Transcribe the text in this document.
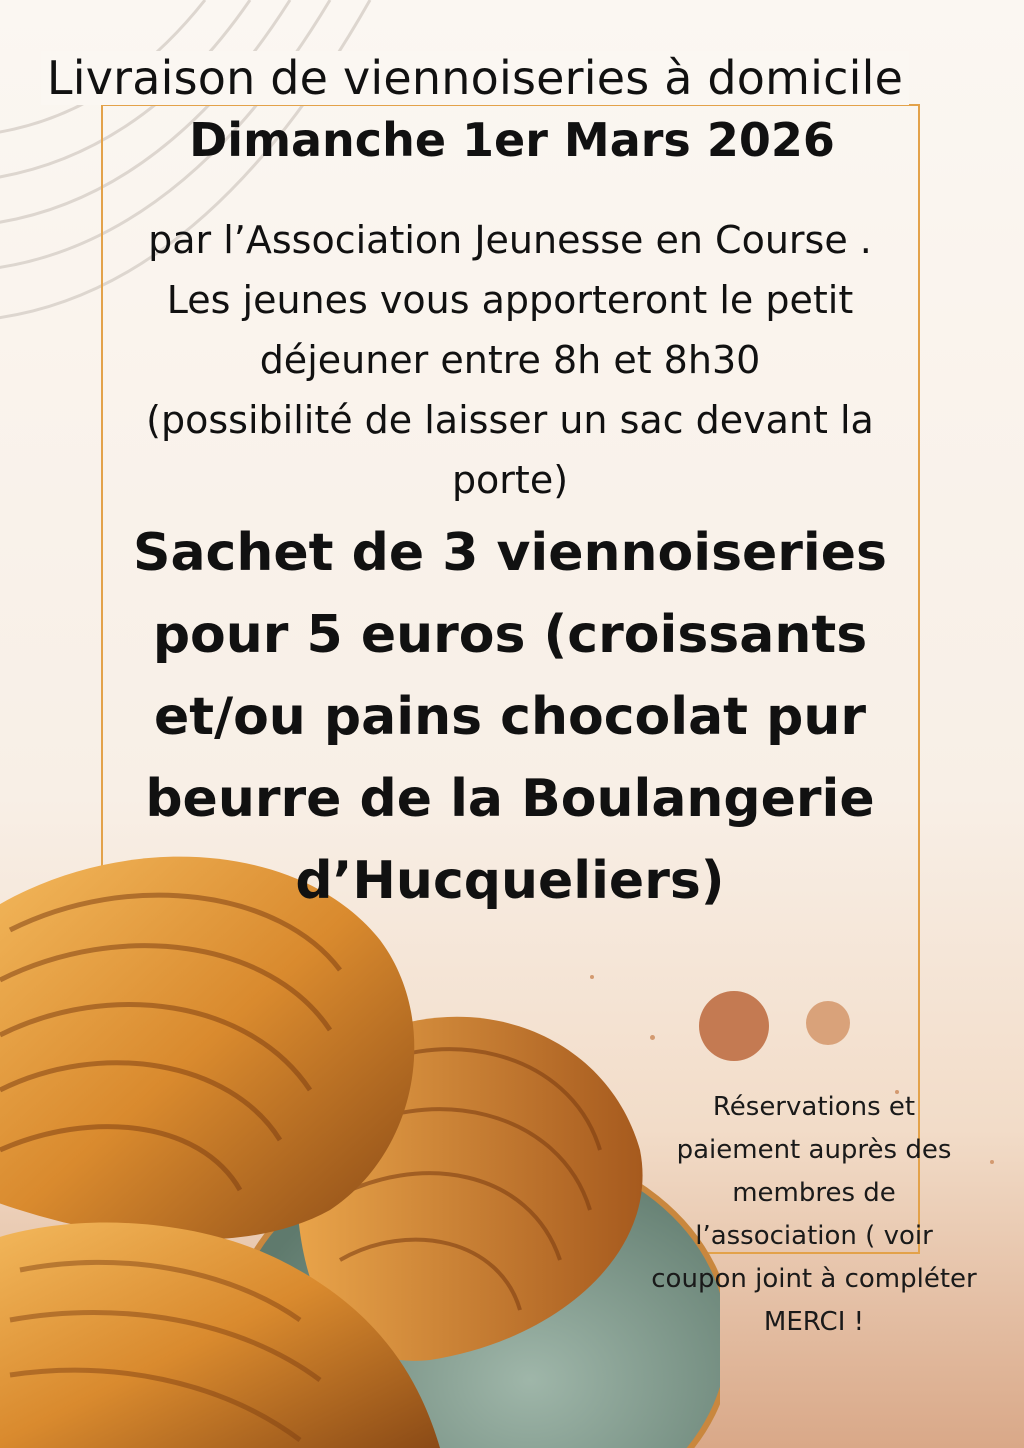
Livraison de viennoiseries à domicile
Dimanche 1er Mars 2026
par l’Association Jeunesse en Course .
Les jeunes vous apporteront le petit
déjeuner entre 8h et 8h30
(possibilité de laisser un sac devant la
porte)
Sachet de 3 viennoiseries
pour 5 euros (croissants
et/ou pains chocolat pur
beurre de la Boulangerie
d’Hucqueliers)
Réservations et
paiement auprès des
membres de
l’association ( voir
coupon joint à compléter
MERCI !
